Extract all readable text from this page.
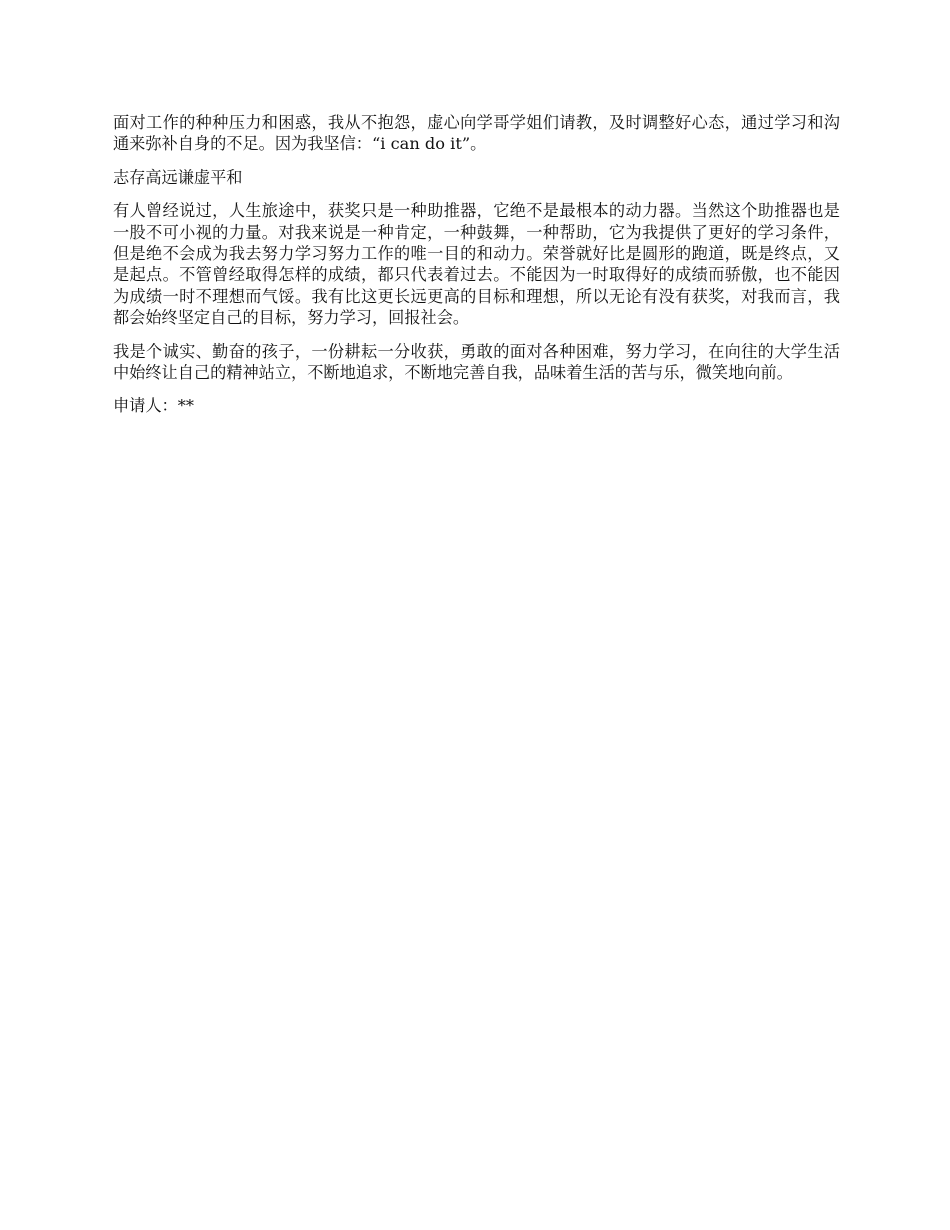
面对工作的种种压力和困惑，我从不抱怨，虚心向学哥学姐们请教，及时调整好心态，通过学习和沟通来弥补自身的不足。因为我坚信：“i can do it”。

志存高远谦虚平和

有人曾经说过，人生旅途中，获奖只是一种助推器，它绝不是最根本的动力器。当然这个助推器也是一股不可小视的力量。对我来说是一种肯定，一种鼓舞，一种帮助，它为我提供了更好的学习条件，但是绝不会成为我去努力学习努力工作的唯一目的和动力。荣誉就好比是圆形的跑道，既是终点，又是起点。不管曾经取得怎样的成绩，都只代表着过去。不能因为一时取得好的成绩而骄傲，也不能因为成绩一时不理想而气馁。我有比这更长远更高的目标和理想，所以无论有没有获奖，对我而言，我都会始终坚定自己的目标，努力学习，回报社会。

我是个诚实、勤奋的孩子，一份耕耘一分收获，勇敢的面对各种困难，努力学习，在向往的大学生活中始终让自己的精神站立，不断地追求，不断地完善自我，品味着生活的苦与乐，微笑地向前。

申请人：**
